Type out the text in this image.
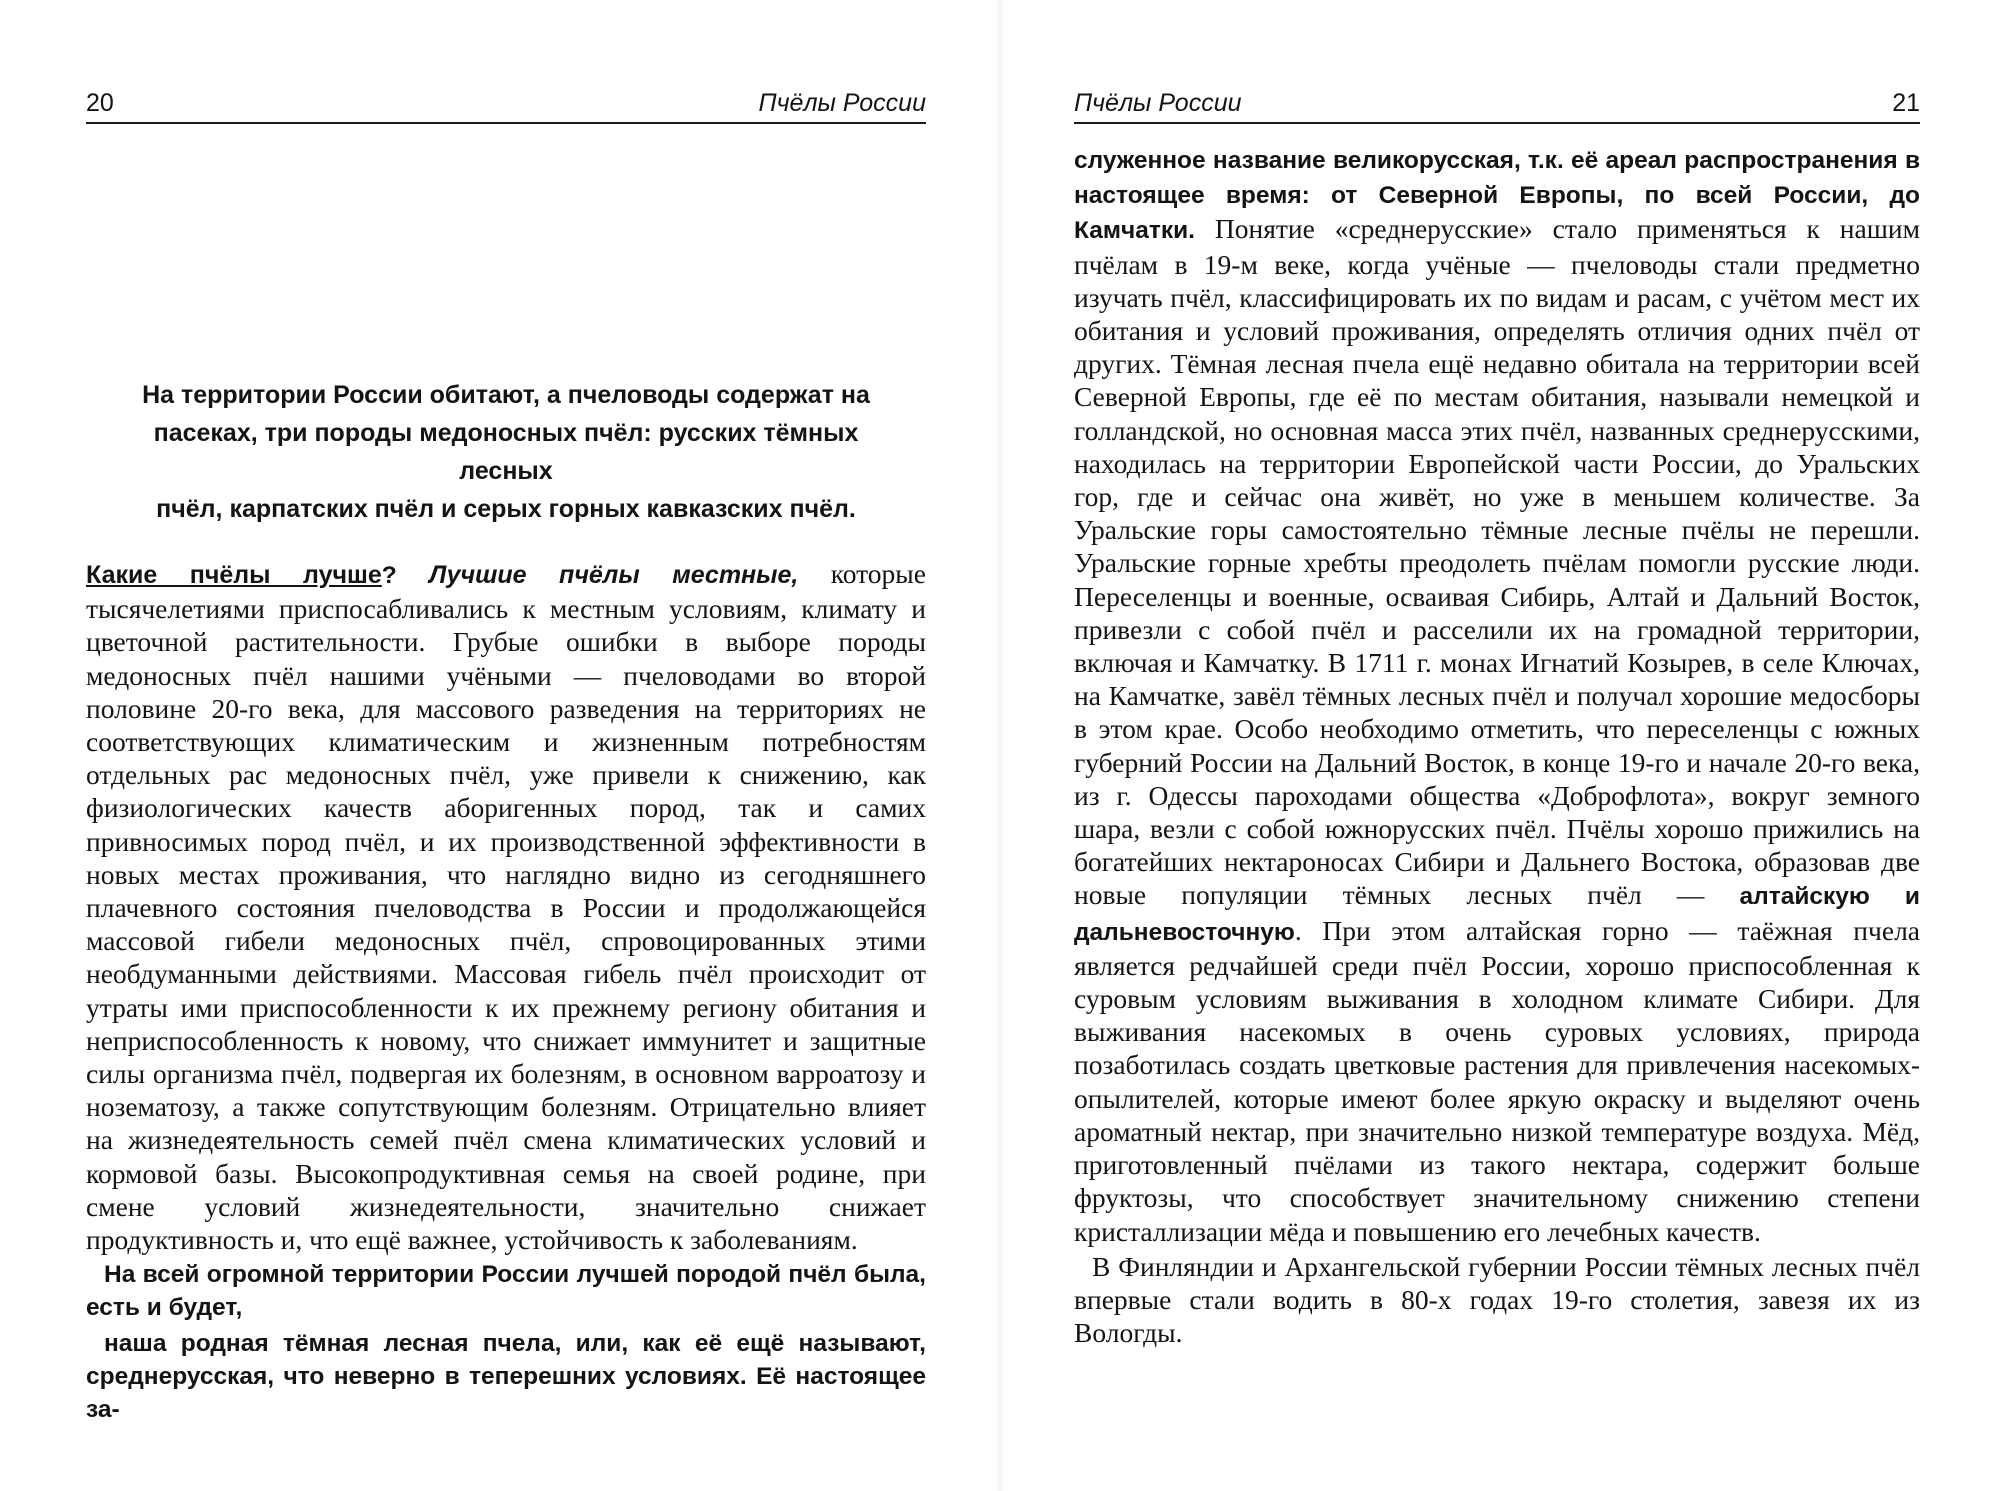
20	Пчёлы России
На территории России обитают, а пчеловоды содержат на
пасеках, три породы медоносных пчёл: русских тёмных лесных
пчёл, карпатских пчёл и серых горных кавказских пчёл.

Какие пчёлы лучше? Лучшие пчёлы местные, которые тысячелетиями приспосабливались к местным условиям, климату и цветочной растительности. Грубые ошибки в выборе породы медоносных пчёл нашими учёными — пчеловодами во второй половине 20-го века, для массового разведения на территориях не соответствующих климатическим и жизненным потребностям отдельных рас медоносных пчёл, уже привели к снижению, как физиологических качеств аборигенных пород, так и самих привносимых пород пчёл, и их производственной эффективности в новых местах проживания, что наглядно видно из сегодняшнего плачевного состояния пчеловодства в России и продолжающейся массовой гибели медоносных пчёл, спровоцированных этими необдуманными действиями. Массовая гибель пчёл происходит от утраты ими приспособленности к их прежнему региону обитания и неприспособленность к новому, что снижает иммунитет и защитные силы организма пчёл, подвергая их болезням, в основном варроатозу и нозематозу, а также сопутствующим болезням. Отрицательно влияет на жизнедеятельность семей пчёл смена климатических условий и кормовой базы. Высокопродуктивная семья на своей родине, при смене условий жизнедеятельности, значительно снижает продуктивность и, что ещё важнее, устойчивость к заболеваниям.

На всей огромной территории России лучшей породой пчёл была, есть и будет,

наша родная тёмная лесная пчела, или, как её ещё называют, среднерусская, что неверно в теперешних условиях. Её настоящее за-

Пчёлы России	21

служенное название великорусская, т.к. её ареал распространения в настоящее время: от Северной Европы, по всей России, до Камчатки. Понятие «среднерусские» стало применяться к нашим пчёлам в 19-м веке, когда учёные — пчеловоды стали предметно изучать пчёл, классифицировать их по видам и расам, с учётом мест их обитания и условий проживания, определять отличия одних пчёл от других. Тёмная лесная пчела ещё недавно обитала на территории всей Северной Европы, где её по местам обитания, называли немецкой и голландской, но основная масса этих пчёл, названных среднерусскими, находилась на территории Европейской части России, до Уральских гор, где и сейчас она живёт, но уже в меньшем количестве. За Уральские горы самостоятельно тёмные лесные пчёлы не перешли. Уральские горные хребты преодолеть пчёлам помогли русские люди. Переселенцы и военные, осваивая Сибирь, Алтай и Дальний Восток, привезли с собой пчёл и расселили их на громадной территории, включая и Камчатку. В 1711 г. монах Игнатий Козырев, в селе Ключах, на Камчатке, завёл тёмных лесных пчёл и получал хорошие медосборы в этом крае. Особо необходимо отметить, что переселенцы с южных губерний России на Дальний Восток, в конце 19-го и начале 20-го века, из г. Одессы пароходами общества «Доброфлота», вокруг земного шара, везли с собой южнорусских пчёл. Пчёлы хорошо прижились на богатейших нектароносах Сибири и Дальнего Востока, образовав две новые популяции тёмных лесных пчёл — алтайскую и дальневосточную. При этом алтайская горно — таёжная пчела является редчайшей среди пчёл России, хорошо приспособленная к суровым условиям выживания в холодном климате Сибири. Для выживания насекомых в очень суровых условиях, природа позаботилась создать цветковые растения для привлечения насекомых-опылителей, которые имеют более яркую окраску и выделяют очень ароматный нектар, при значительно низкой температуре воздуха. Мёд, приготовленный пчёлами из такого нектара, содержит больше фруктозы, что способствует значительному снижению степени кристаллизации мёда и повышению его лечебных качеств.

В Финляндии и Архангельской губернии России тёмных лесных пчёл впервые стали водить в 80-х годах 19-го столетия, завезя их из Вологды.
